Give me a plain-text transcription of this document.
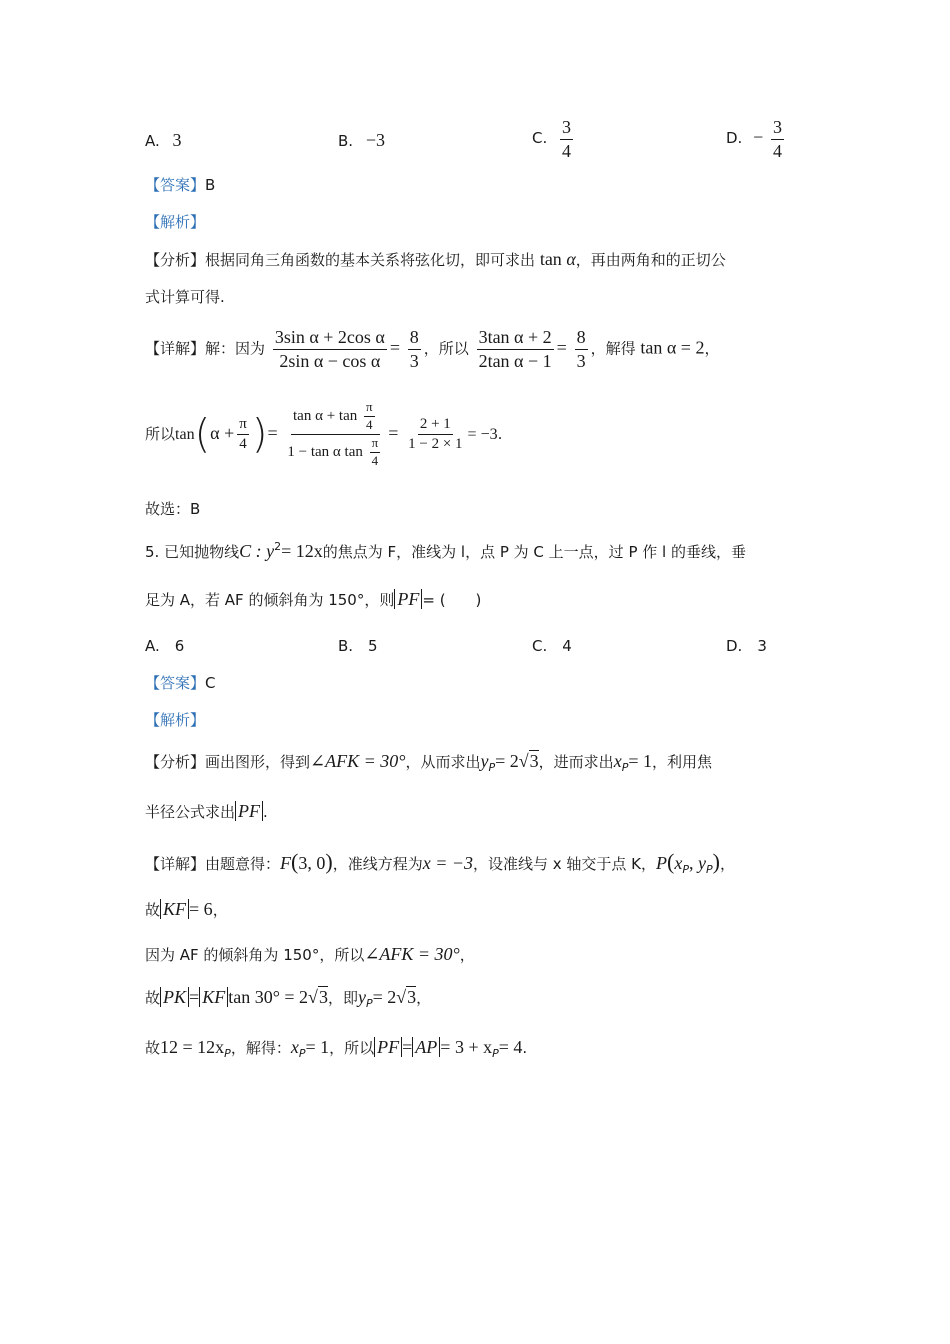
A. 3	B. −3	C. $\frac{3}{4}$	D. − $\frac{3}{4}$
【答案】B
【解析】
【分析】根据同角三角函数的基本关系将弦化切，即可求出 tan α，再由两角和的正切公
式计算可得.
【详解】解：因为 $\frac{\text{3sin α + 2cos α}}{\text{2sin α − cos α}} = \frac{8}{3}$ ，所以 $\frac{\text{3tan α + 2}}{\text{2tan α − 1}} = \frac{8}{3}$ ，解得 tan α = 2，
所以$\tan(\alpha + \frac{\pi}{4}$ )= $\frac{\tan \alpha + \tan \frac{\pi}{4}}{1 - \tan \alpha \tan \frac{\pi}{4}} = \frac{2 + 1}{1 - 2 \times 1} = -3$.
故选：B
5. 已知抛物线C : $y^2= 12x$的焦点为 F，准线为 l，点 P 为 C 上一点，过 P 作 l 的垂线，垂
足为 A，若 AF 的倾斜角为 150°，则 PF = (　　)
A.　6	B.　5	C.　4	D.　3
【答案】C
【解析】
【分析】画出图形，得到∠AFK = 30°，从而求出$y_P= 2√3$，进而求出$x_P= 1$，利用焦
半径公式求出 PF .
【详解】由题意得：F(3, 0)，准线方程为x = −3，设准线与 x 轴交于点 K，$P(x_P$, $y_P$)，
故 KF = 6，
因为 AF 的倾斜角为 150°，所以∠AFK = 30°，
故 PK = KF tan 30° = 2√3，即$y_P= 2√3$，
故$12 = 12x_P$，解得：$x_P= 1$，所以 PF = AP = $3 + x_P= 4$.
